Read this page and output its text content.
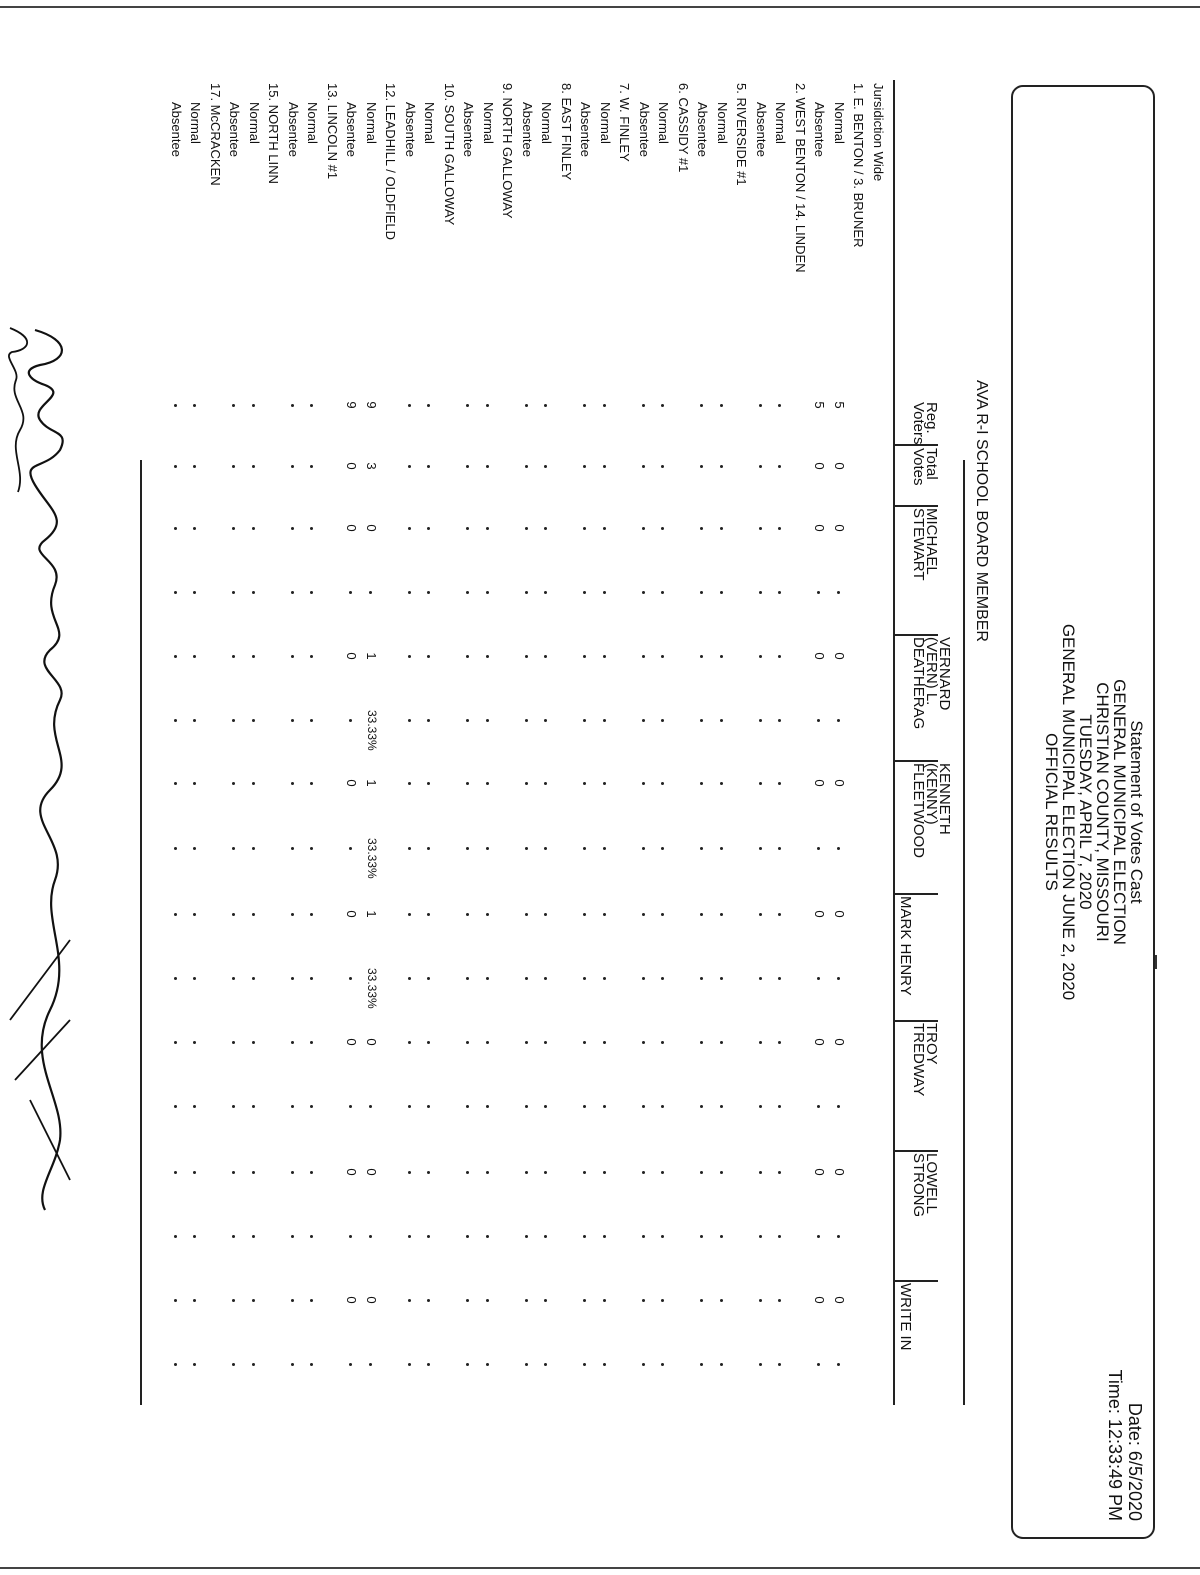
Statement of Votes Cast
GENERAL MUNICIPAL ELECTION
CHRISTIAN COUNTY, MISSOURI
TUESDAY, APRIL 7, 2020
GENERAL MUNICIPAL ELECTION JUNE 2, 2020
OFFICIAL RESULTS
Date: 6/5/2020
Time: 12:33:49 PM
AVA R-I SCHOOL BOARD MEMBER
Reg.
Voters
Total
Votes
MICHAEL
STEWART
VERNARD
(VERN) L.
DEATHERAG
KENNETH
(KENNY)
FLEETWOOD
MARK HENRY
TROY
TREDWAY
LOWELL
STRONG
WRITE IN
Jursidiction Wide
1. E. BENTON / 3. BRUNER
Normal
Absentee
2. WEST BENTON / 14. LINDEN
Normal
Absentee
5. RIVERSIDE #1
Normal
Absentee
6. CASSIDY #1
Normal
Absentee
7. W. FINLEY
Normal
Absentee
8. EAST FINLEY
Normal
Absentee
9. NORTH GALLOWAY
Normal
Absentee
10. SOUTH GALLOWAY
Normal
Absentee
12. LEADHILL / OLDFIELD
Normal
Absentee
13. LINCOLN #1
Normal
Absentee
15. NORTH LINN
Normal
Absentee
17. McCRACKEN
Normal
Absentee
5
0
0
0
0
0
0
0
0
5
0
0
0
0
0
0
0
0
9
3
0
1
33.33%
1
33.33%
1
33.33%
0
0
0
9
0
0
0
0
0
0
0
0
